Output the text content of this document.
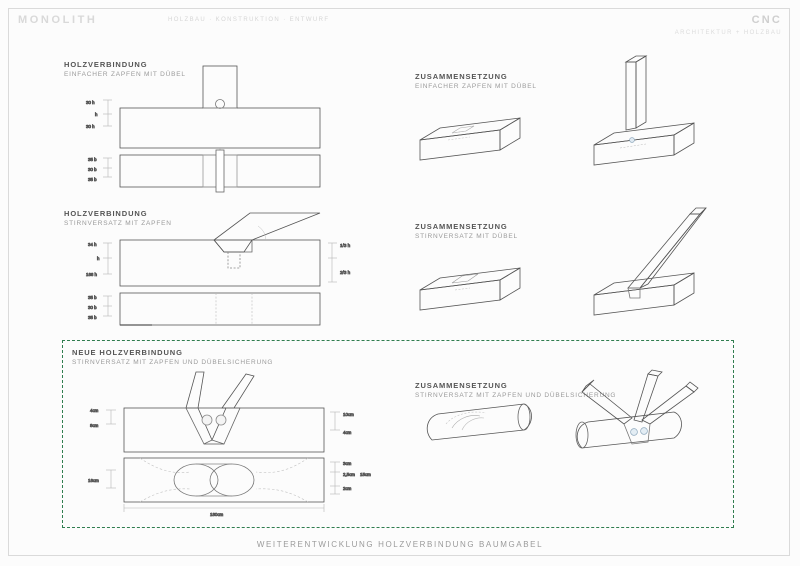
MONOLITH	HOLZBAU · KONSTRUKTION · ENTWURF	CNC
ARCHITEKTUR + HOLZBAU
HOLZVERBINDUNG
EINFACHER ZAPFEN MIT DÜBEL	ZUSAMMENSETZUNG
EINFACHER ZAPFEN MIT DÜBEL
HOLZVERBINDUNG
STIRNVERSATZ MIT ZAPFEN	ZUSAMMENSETZUNG
STIRNVERSATZ MIT DÜBEL
NEUE HOLZVERBINDUNG
STIRNVERSATZ MIT ZAPFEN UND DÜBELSICHERUNG
ZUSAMMENSETZUNG
STIRNVERSATZ MIT ZAPFEN UND DÜBELSICHERUNG
30 h
h
30 h
35 b
30 b
35 b
34 h
h
166 h
1/3 h
2/3 h
35 b
30 b
35 b
4cm
8cm
10cm
4cm
16cm
3cm
2,5cm 15cm
2cm
180cm
WEITERENTWICKLUNG HOLZVERBINDUNG BAUMGABEL
